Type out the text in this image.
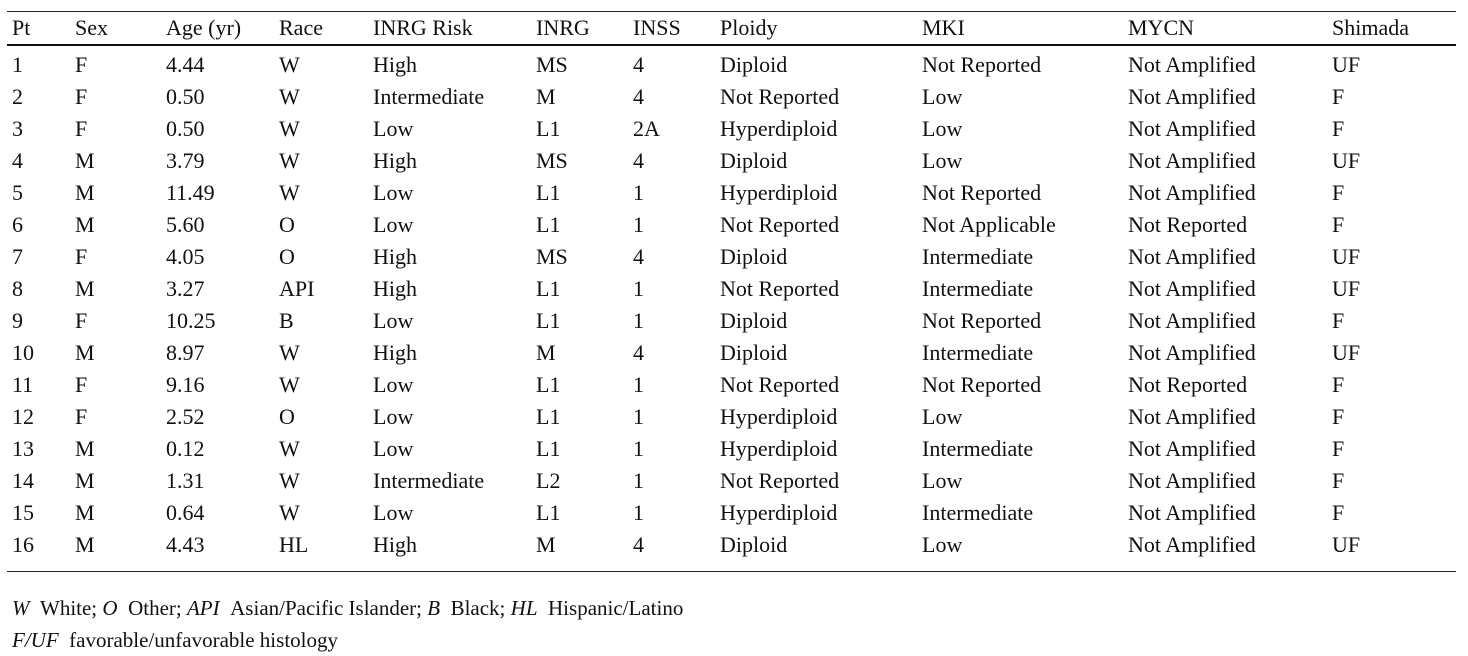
Pt	Sex	Age (yr)	Race	INRG Risk	INRG	INSS	Ploidy	MKI	MYCN	Shimada
1	F	4.44	W	High	MS	4	Diploid	Not Reported	Not Amplified	UF
2	F	0.50	W	Intermediate	M	4	Not Reported	Low	Not Amplified	F
3	F	0.50	W	Low	L1	2A	Hyperdiploid	Low	Not Amplified	F
4	M	3.79	W	High	MS	4	Diploid	Low	Not Amplified	UF
5	M	11.49	W	Low	L1	1	Hyperdiploid	Not Reported	Not Amplified	F
6	M	5.60	O	Low	L1	1	Not Reported	Not Applicable	Not Reported	F
7	F	4.05	O	High	MS	4	Diploid	Intermediate	Not Amplified	UF
8	M	3.27	API	High	L1	1	Not Reported	Intermediate	Not Amplified	UF
9	F	10.25	B	Low	L1	1	Diploid	Not Reported	Not Amplified	F
10	M	8.97	W	High	M	4	Diploid	Intermediate	Not Amplified	UF
11	F	9.16	W	Low	L1	1	Not Reported	Not Reported	Not Reported	F
12	F	2.52	O	Low	L1	1	Hyperdiploid	Low	Not Amplified	F
13	M	0.12	W	Low	L1	1	Hyperdiploid	Intermediate	Not Amplified	F
14	M	1.31	W	Intermediate	L2	1	Not Reported	Low	Not Amplified	F
15	M	0.64	W	Low	L1	1	Hyperdiploid	Intermediate	Not Amplified	F
16	M	4.43	HL	High	M	4	Diploid	Low	Not Amplified	UF
W White; O Other; API Asian/Pacific Islander; B Black; HL Hispanic/Latino
F/UF favorable/unfavorable histology
